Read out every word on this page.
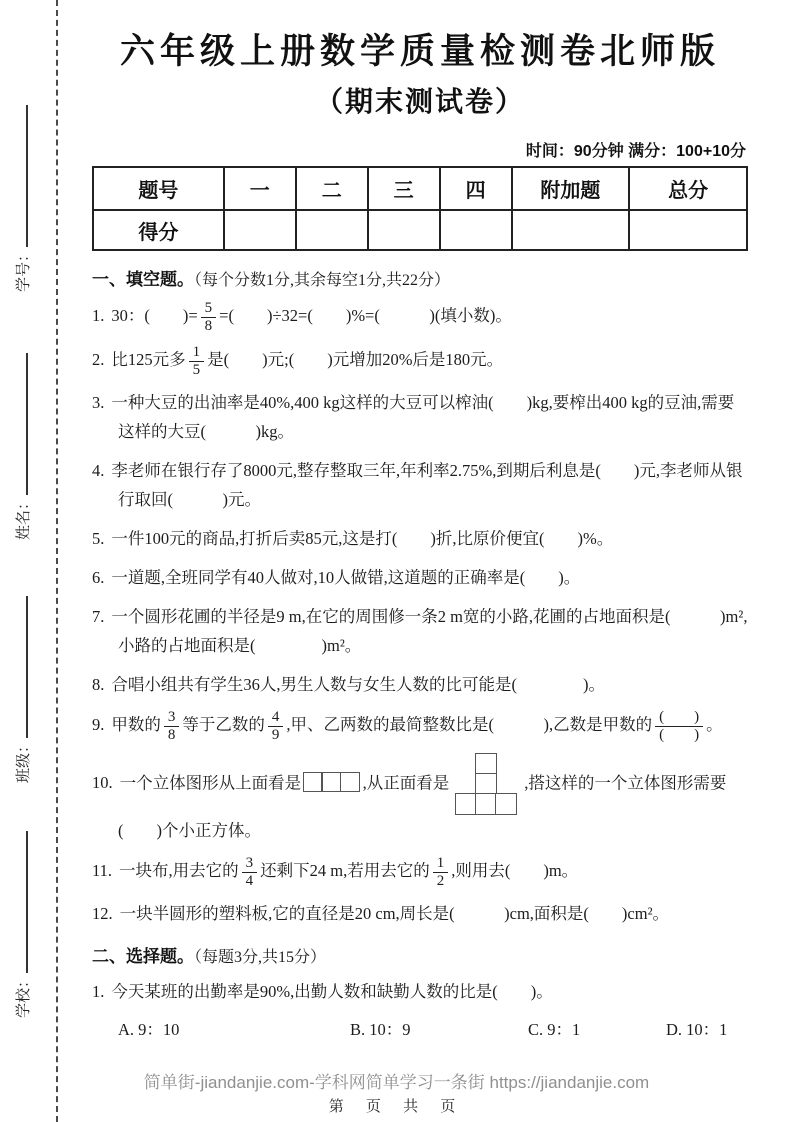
学号：
姓名：
班级：
学校：
六年级上册数学质量检测卷北师版
（期末测试卷）
时间：90分钟 满分：100+10分
题号	一	二	三	四	附加题	总分
得分						
一、填空题。（每个分数1分,其余每空1分,共22分）
1. 30：(　　)= $\frac{5}{8}$ =(　　)÷32=(　　)%=(　　　)(填小数)。
2. 比125元多 $\frac{1}{5}$ 是(　　)元;(　　)元增加20%后是180元。
3. 一种大豆的出油率是40%,400 kg这样的大豆可以榨油(　　)kg,要榨出400 kg的豆油,需要这样的大豆(　　　)kg。
4. 李老师在银行存了8000元,整存整取三年,年利率2.75%,到期后利息是(　　)元,李老师从银行取回(　　　)元。
5. 一件100元的商品,打折后卖85元,这是打(　　)折,比原价便宜(　　)%。
6. 一道题,全班同学有40人做对,10人做错,这道题的正确率是(　　)。
7. 一个圆形花圃的半径是9 m,在它的周围修一条2 m宽的小路,花圃的占地面积是(　　　)m²,小路的占地面积是(　　　　)m²。
8. 合唱小组共有学生36人,男生人数与女生人数的比可能是(　　　　)。
9. 甲数的 $\frac{3}{8}$ 等于乙数的 $\frac{4}{9}$ ,甲、乙两数的最简整数比是(　　　),乙数是甲数的 $\frac{( )}{( )}$ 。
10. 一个立体图形从上面看是	,从正面看是	,搭这样的一个立体图形需要
(　　)个小正方体。
11. 一块布,用去它的 $\frac{3}{4}$ 还剩下24 m,若用去它的 $\frac{1}{2}$ ,则用去(　　)m。
12. 一块半圆形的塑料板,它的直径是20 cm,周长是(　　　)cm,面积是(　　)cm²。
二、选择题。（每题3分,共15分）
1. 今天某班的出勤率是90%,出勤人数和缺勤人数的比是(　　)。
A. 9：10	B. 10：9	C. 9：1	D. 10：1
简单街-jiandanjie.com-学科网简单学习一条街 https://jiandanjie.com
第 页 共 页
